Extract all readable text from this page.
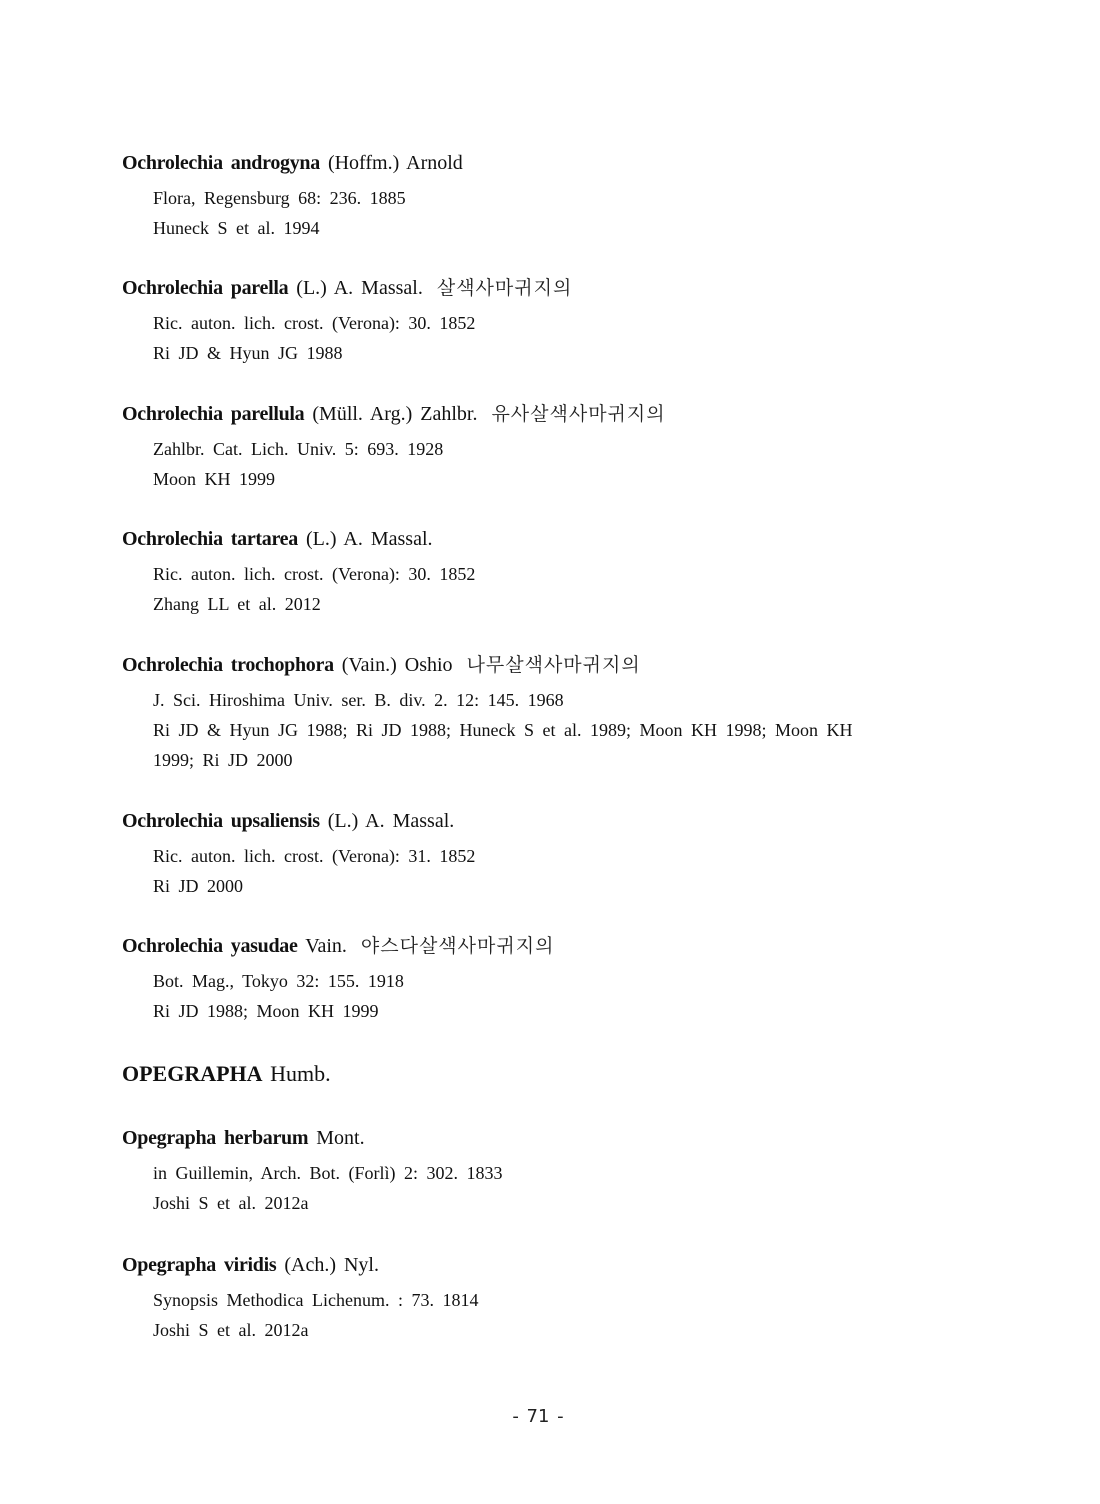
Ochrolechia androgyna (Hoffm.) Arnold
Flora, Regensburg 68: 236. 1885
Huneck S et al. 1994
Ochrolechia parella (L.) A. Massal. 살색사마귀지의
Ric. auton. lich. crost. (Verona): 30. 1852
Ri JD & Hyun JG 1988
Ochrolechia parellula (Müll. Arg.) Zahlbr. 유사살색사마귀지의
Zahlbr. Cat. Lich. Univ. 5: 693. 1928
Moon KH 1999
Ochrolechia tartarea (L.) A. Massal.
Ric. auton. lich. crost. (Verona): 30. 1852
Zhang LL et al. 2012
Ochrolechia trochophora (Vain.) Oshio 나무살색사마귀지의
J. Sci. Hiroshima Univ. ser. B. div. 2. 12: 145. 1968
Ri JD & Hyun JG 1988; Ri JD 1988; Huneck S et al. 1989; Moon KH 1998; Moon KH
1999; Ri JD 2000
Ochrolechia upsaliensis (L.) A. Massal.
Ric. auton. lich. crost. (Verona): 31. 1852
Ri JD 2000
Ochrolechia yasudae Vain. 야스다살색사마귀지의
Bot. Mag., Tokyo 32: 155. 1918
Ri JD 1988; Moon KH 1999
OPEGRAPHA Humb.
Opegrapha herbarum Mont.
in Guillemin, Arch. Bot. (Forlì) 2: 302. 1833
Joshi S et al. 2012a
Opegrapha viridis (Ach.) Nyl.
Synopsis Methodica Lichenum. : 73. 1814
Joshi S et al. 2012a
- 71 -
